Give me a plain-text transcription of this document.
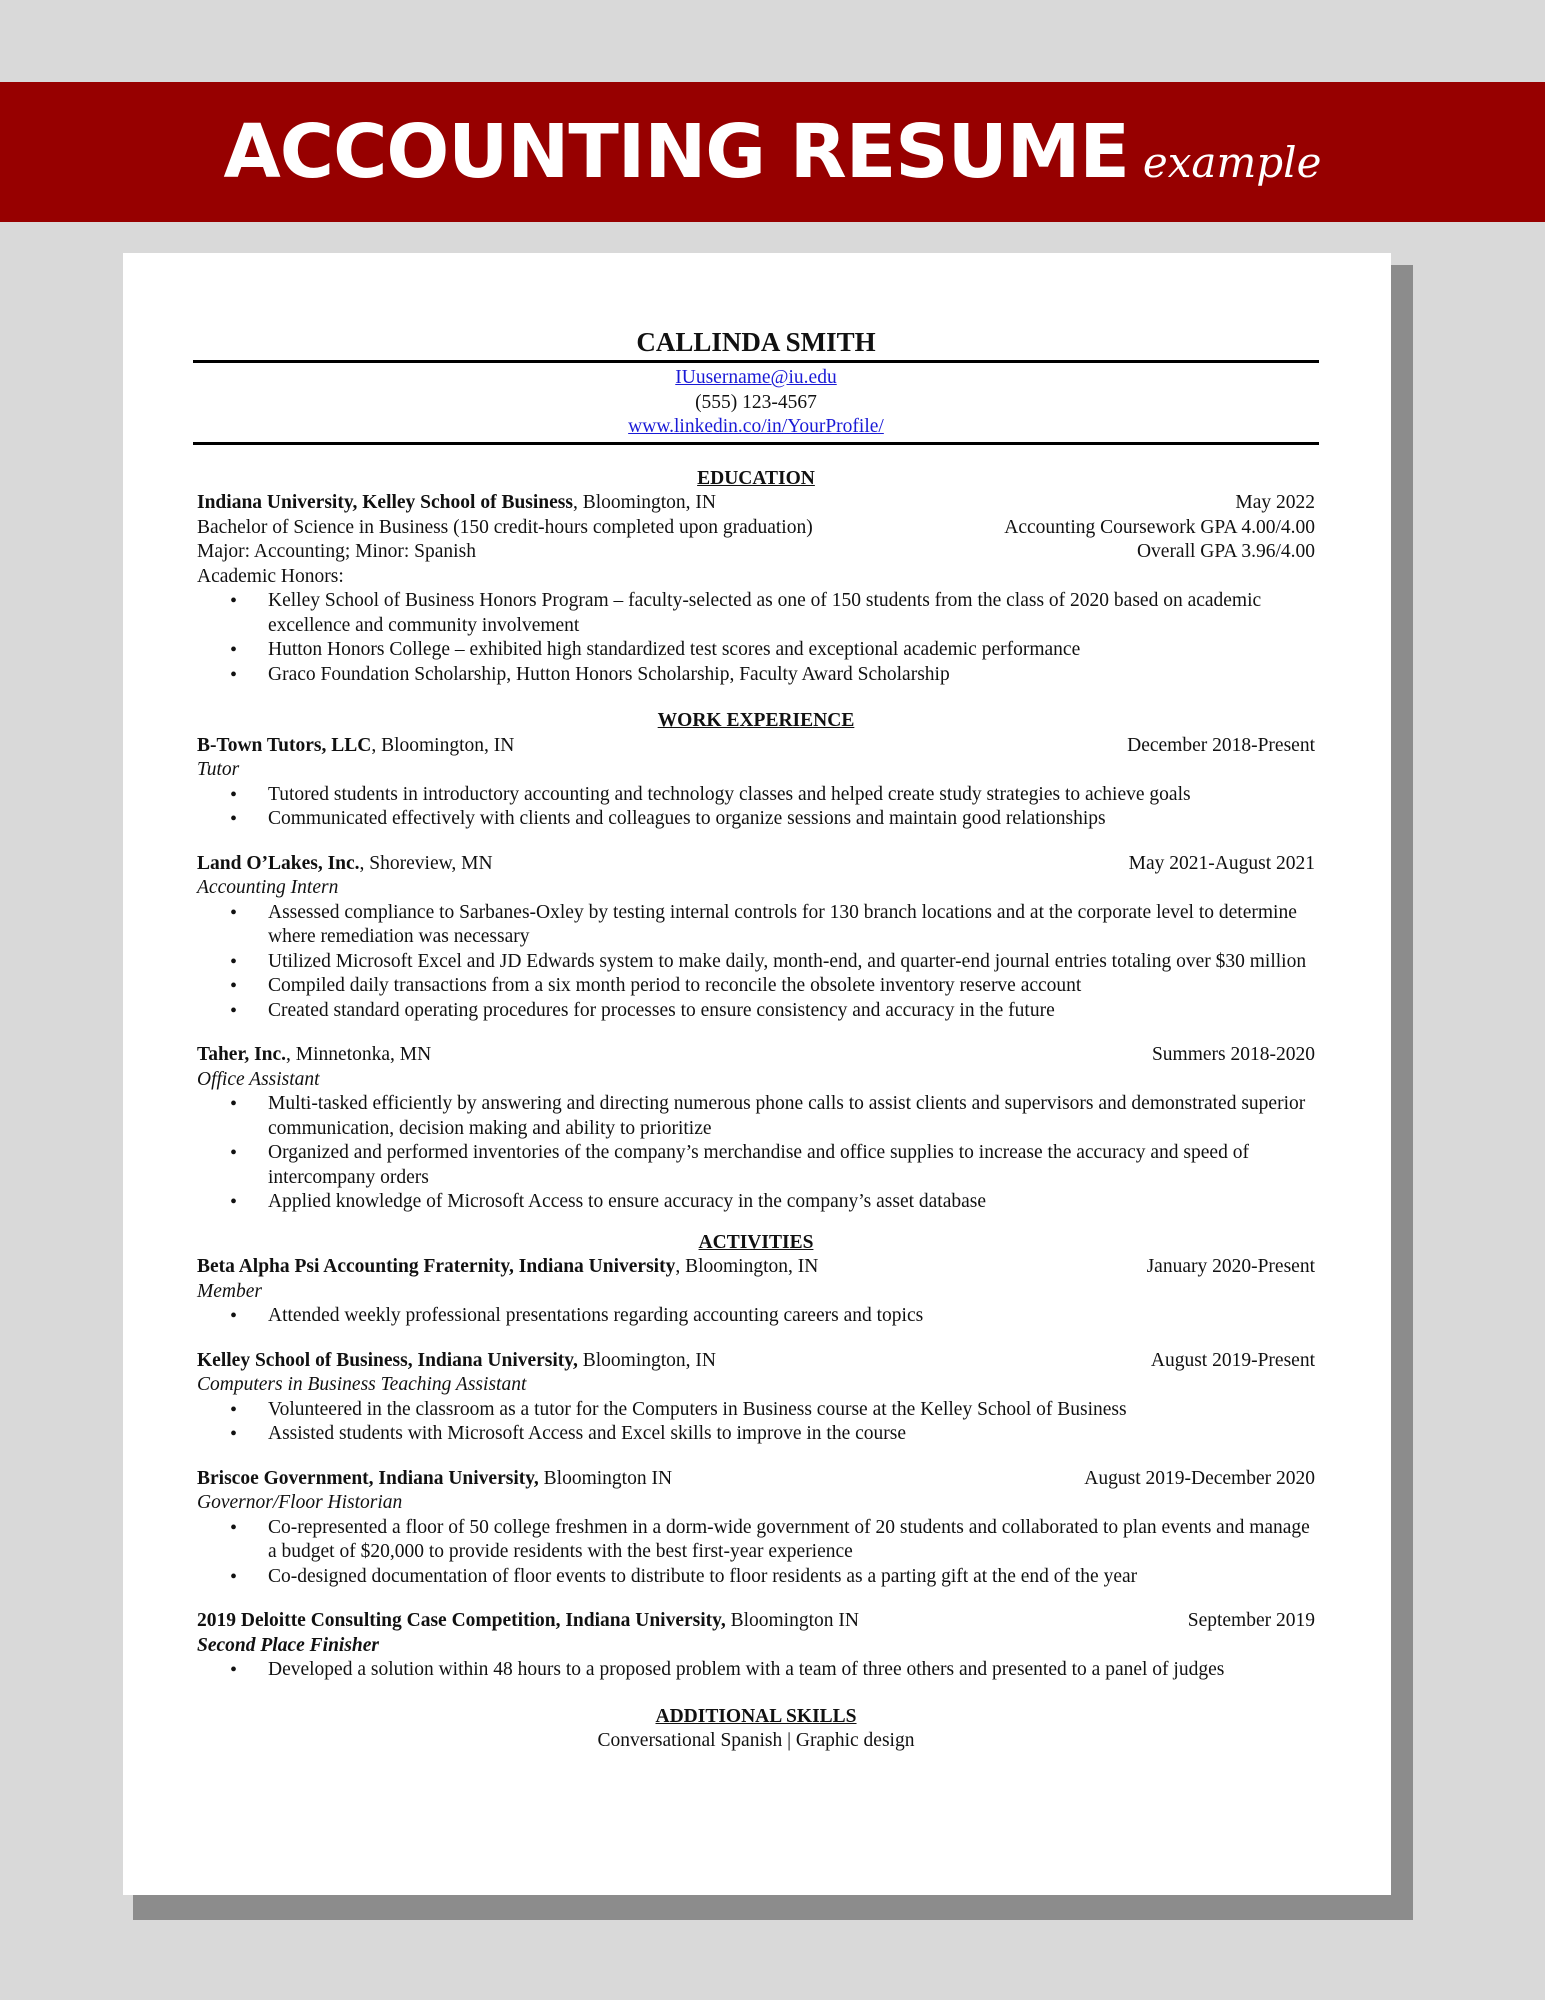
ACCOUNTING RESUME example
CALLINDA SMITH
IUusername@iu.edu
(555) 123-4567
www.linkedin.co/in/YourProfile/
EDUCATION
Indiana University, Kelley School of Business, Bloomington, IN	May 2022
Bachelor of Science in Business (150 credit-hours completed upon graduation)	Accounting Coursework GPA 4.00/4.00
Major: Accounting; Minor: Spanish	Overall GPA 3.96/4.00
Academic Honors:
• Kelley School of Business Honors Program – faculty-selected as one of 150 students from the class of 2020 based on academic excellence and community involvement
• Hutton Honors College – exhibited high standardized test scores and exceptional academic performance
• Graco Foundation Scholarship, Hutton Honors Scholarship, Faculty Award Scholarship
WORK EXPERIENCE
B-Town Tutors, LLC, Bloomington, IN	December 2018-Present
Tutor
• Tutored students in introductory accounting and technology classes and helped create study strategies to achieve goals
• Communicated effectively with clients and colleagues to organize sessions and maintain good relationships
Land O’Lakes, Inc., Shoreview, MN	May 2021-August 2021
Accounting Intern
• Assessed compliance to Sarbanes-Oxley by testing internal controls for 130 branch locations and at the corporate level to determine where remediation was necessary
• Utilized Microsoft Excel and JD Edwards system to make daily, month-end, and quarter-end journal entries totaling over $30 million
• Compiled daily transactions from a six month period to reconcile the obsolete inventory reserve account
• Created standard operating procedures for processes to ensure consistency and accuracy in the future
Taher, Inc., Minnetonka, MN	Summers 2018-2020
Office Assistant
• Multi-tasked efficiently by answering and directing numerous phone calls to assist clients and supervisors and demonstrated superior communication, decision making and ability to prioritize
• Organized and performed inventories of the company’s merchandise and office supplies to increase the accuracy and speed of intercompany orders
• Applied knowledge of Microsoft Access to ensure accuracy in the company’s asset database
ACTIVITIES
Beta Alpha Psi Accounting Fraternity, Indiana University, Bloomington, IN	January 2020-Present
Member
• Attended weekly professional presentations regarding accounting careers and topics
Kelley School of Business, Indiana University, Bloomington, IN	August 2019-Present
Computers in Business Teaching Assistant
• Volunteered in the classroom as a tutor for the Computers in Business course at the Kelley School of Business
• Assisted students with Microsoft Access and Excel skills to improve in the course
Briscoe Government, Indiana University, Bloomington IN	August 2019-December 2020
Governor/Floor Historian
• Co-represented a floor of 50 college freshmen in a dorm-wide government of 20 students and collaborated to plan events and manage a budget of $20,000 to provide residents with the best first-year experience
• Co-designed documentation of floor events to distribute to floor residents as a parting gift at the end of the year
2019 Deloitte Consulting Case Competition, Indiana University, Bloomington IN	September 2019
Second Place Finisher
• Developed a solution within 48 hours to a proposed problem with a team of three others and presented to a panel of judges
ADDITIONAL SKILLS
Conversational Spanish | Graphic design
